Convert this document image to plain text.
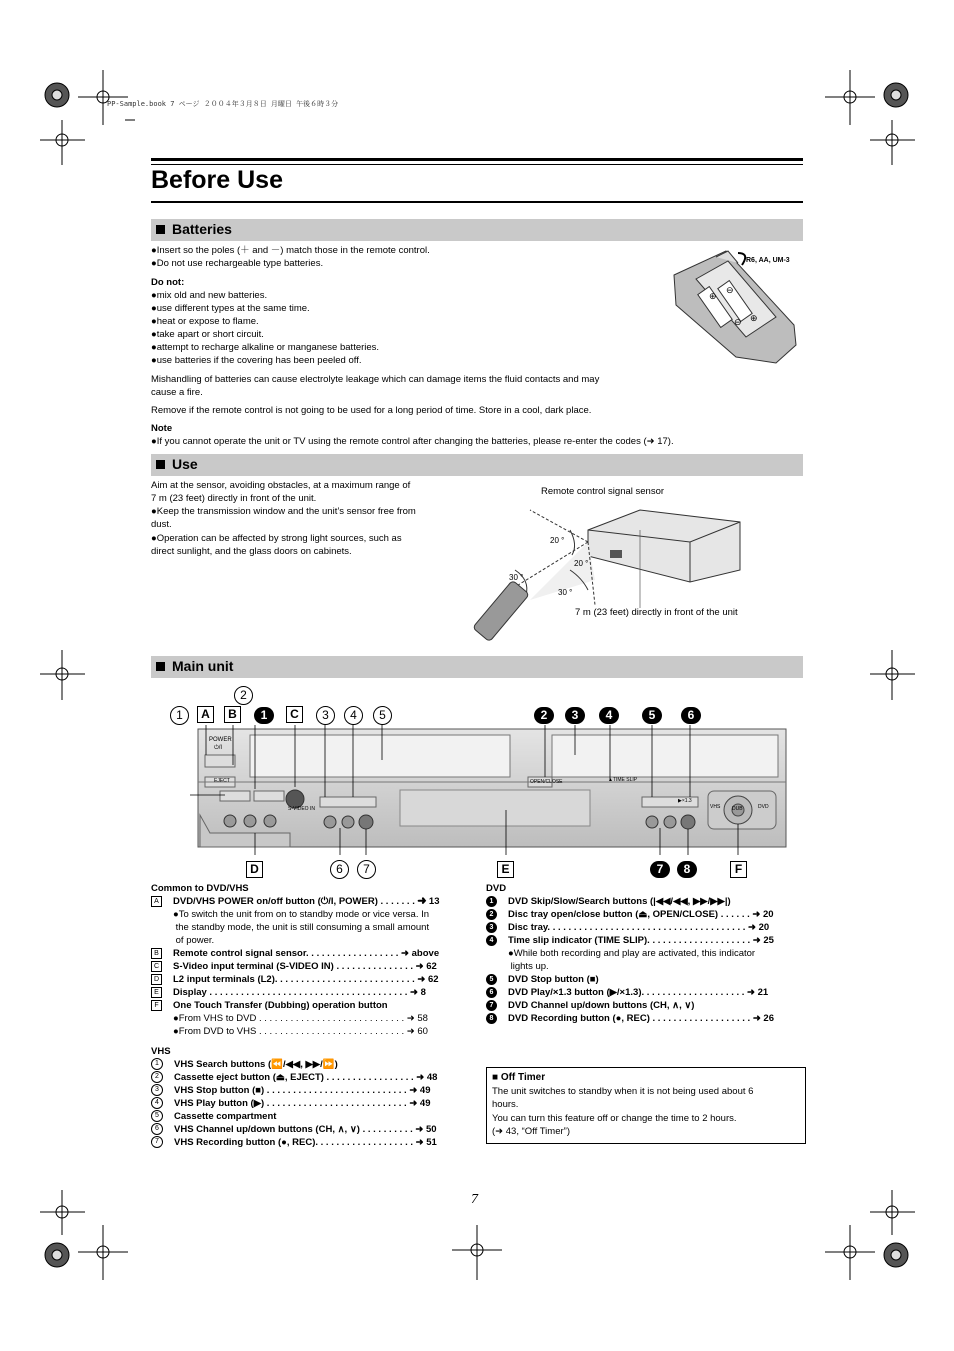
PP-Sample.book 7 ページ ２００４年３月８日 月曜日 午後６時３分
Before Use
Batteries
●Insert so the poles (＋ and －) match those in the remote control.
●Do not use rechargeable type batteries.
Do not:
●mix old and new batteries.
●use different types at the same time.
●heat or expose to flame.
●take apart or short circuit.
●attempt to recharge alkaline or manganese batteries.
●use batteries if the covering has been peeled off.
Mishandling of batteries can cause electrolyte leakage which can damage items the fluid contacts and may
cause a fire.
Remove if the remote control is not going to be used for a long period of time. Store in a cool, dark place.
Note
●If you cannot operate the unit or TV using the remote control after changing the batteries, please re-enter the codes (➜ 17).
⊕
⊖
⊖ ⊕
R6, AA, UM-3
Use
Aim at the sensor, avoiding obstacles, at a maximum range of
7 m (23 feet) directly in front of the unit.
●Keep the transmission window and the unit’s sensor free from
dust.
●Operation can be affected by strong light sources, such as
direct sunlight, and the glass doors on cabinets.
Remote control signal sensor
20 °
20 °
30 °
30 °
7 m (23 feet) directly in front of the unit
Main unit
POWER
⏻/I
EJECT	OPEN/CLOSE	▲TIME SLIP
S-VIDEO IN
▶×1.3
VHS	DVD
DUB
2
1	A	B	1	C	3	4	5	2	3	4	5	6
D	6	7	E	7	8	F
Common to DVD/VHS
A DVD/VHS POWER on/off button (⏻/I, POWER) . . . . . . . ➜ 13
●To switch the unit from on to standby mode or vice versa. In
the standby mode, the unit is still consuming a small amount
of power.
B Remote control signal sensor. . . . . . . . . . . . . . . . . . ➜ above
C S-Video input terminal (S-VIDEO IN) . . . . . . . . . . . . . . . ➜ 62
D L2 input terminals (L2). . . . . . . . . . . . . . . . . . . . . . . . . . . ➜ 62
E Display . . . . . . . . . . . . . . . . . . . . . . . . . . . . . . . . . . . . . . ➜ 8
F One Touch Transfer (Dubbing) operation button
●From VHS to DVD . . . . . . . . . . . . . . . . . . . . . . . . . . . . ➜ 58
●From DVD to VHS . . . . . . . . . . . . . . . . . . . . . . . . . . . . ➜ 60
VHS
1 VHS Search buttons (⏪/◀◀, ▶▶/⏩)
2 Cassette eject button (⏏, EJECT) . . . . . . . . . . . . . . . . . ➜ 48
3 VHS Stop button (■) . . . . . . . . . . . . . . . . . . . . . . . . . . . ➜ 49
4 VHS Play button (▶) . . . . . . . . . . . . . . . . . . . . . . . . . . . ➜ 49
5 Cassette compartment
6 VHS Channel up/down buttons (CH, ∧, ∨) . . . . . . . . . . ➜ 50
7 VHS Recording button (●, REC). . . . . . . . . . . . . . . . . . . ➜ 51
DVD
1 DVD Skip/Slow/Search buttons (|◀◀/◀◀, ▶▶/▶▶|)
2 Disc tray open/close button (⏏, OPEN/CLOSE) . . . . . . ➜ 20
3 Disc tray. . . . . . . . . . . . . . . . . . . . . . . . . . . . . . . . . . . . . . ➜ 20
4 Time slip indicator (TIME SLIP). . . . . . . . . . . . . . . . . . . . ➜ 25
●While both recording and play are activated, this indicator
lights up.
5 DVD Stop button (■)
6 DVD Play/×1.3 button (▶/×1.3). . . . . . . . . . . . . . . . . . . . ➜ 21
7 DVD Channel up/down buttons (CH, ∧, ∨)
8 DVD Recording button (●, REC) . . . . . . . . . . . . . . . . . . . ➜ 26
■ Off Timer
The unit switches to standby when it is not being used about 6
hours.
You can turn this feature off or change the time to 2 hours.
(➜ 43, “Off Timer”)
7
